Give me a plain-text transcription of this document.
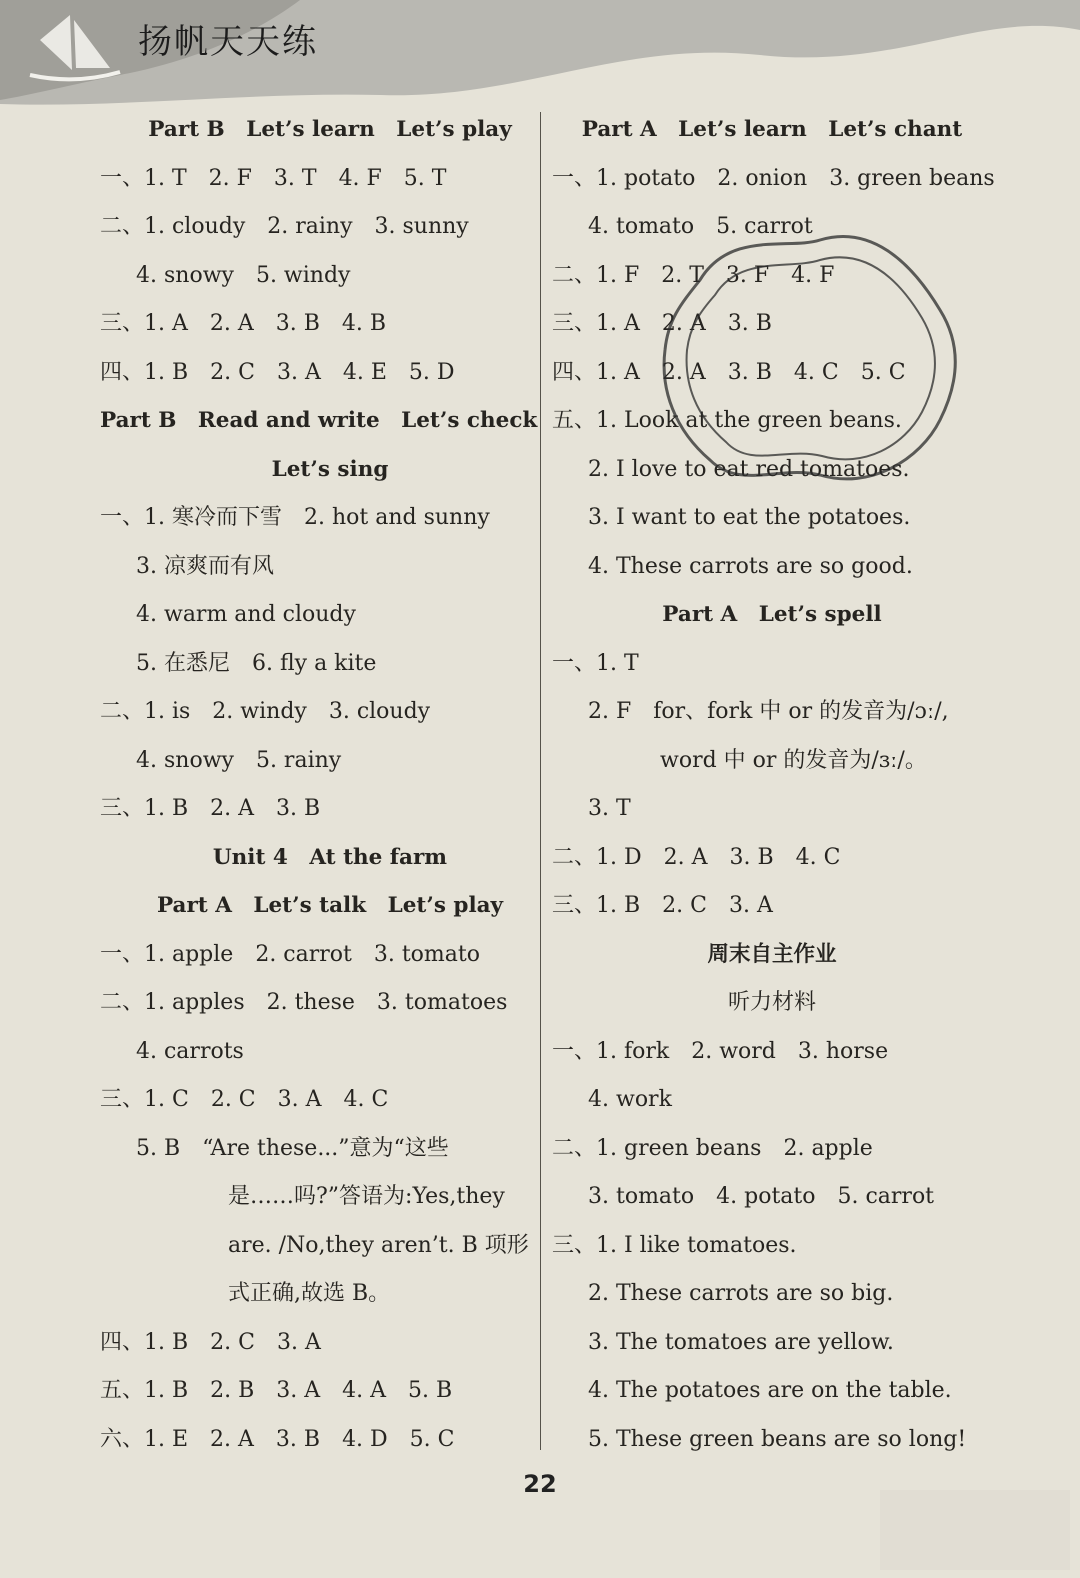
扬帆天天练
Part B　Let’s learn　Let’s play
一、1. T　2. F　3. T　4. F　5. T
二、1. cloudy　2. rainy　3. sunny
4. snowy　5. windy
三、1. A　2. A　3. B　4. B
四、1. B　2. C　3. A　4. E　5. D
Part B　Read and write　Let’s check
Let’s sing
一、1. 寒冷而下雪　2. hot and sunny
3. 凉爽而有风
4. warm and cloudy
5. 在悉尼　6. fly a kite
二、1. is　2. windy　3. cloudy
4. snowy　5. rainy
三、1. B　2. A　3. B
Unit 4　At the farm
Part A　Let’s talk　Let’s play
一、1. apple　2. carrot　3. tomato
二、1. apples　2. these　3. tomatoes
4. carrots
三、1. C　2. C　3. A　4. C
5. B　“Are these...”意为“这些
是……吗?”答语为:Yes,they
are. /No,they aren’t. B 项形
式正确,故选 B。
四、1. B　2. C　3. A
五、1. B　2. B　3. A　4. A　5. B
六、1. E　2. A　3. B　4. D　5. C
Part A　Let’s learn　Let’s chant
一、1. potato　2. onion　3. green beans
4. tomato　5. carrot
二、1. F　2. T　3. F　4. F
三、1. A　2. A　3. B
四、1. A　2. A　3. B　4. C　5. C
五、1. Look at the green beans.
2. I love to eat red tomatoes.
3. I want to eat the potatoes.
4. These carrots are so good.
Part A　Let’s spell
一、1. T
2. F　for、fork 中 or 的发音为/ɔː/,
word 中 or 的发音为/ɜː/。
3. T
二、1. D　2. A　3. B　4. C
三、1. B　2. C　3. A
周末自主作业
听力材料
一、1. fork　2. word　3. horse
4. work
二、1. green beans　2. apple
3. tomato　4. potato　5. carrot
三、1. I like tomatoes.
2. These carrots are so big.
3. The tomatoes are yellow.
4. The potatoes are on the table.
5. These green beans are so long!
22
